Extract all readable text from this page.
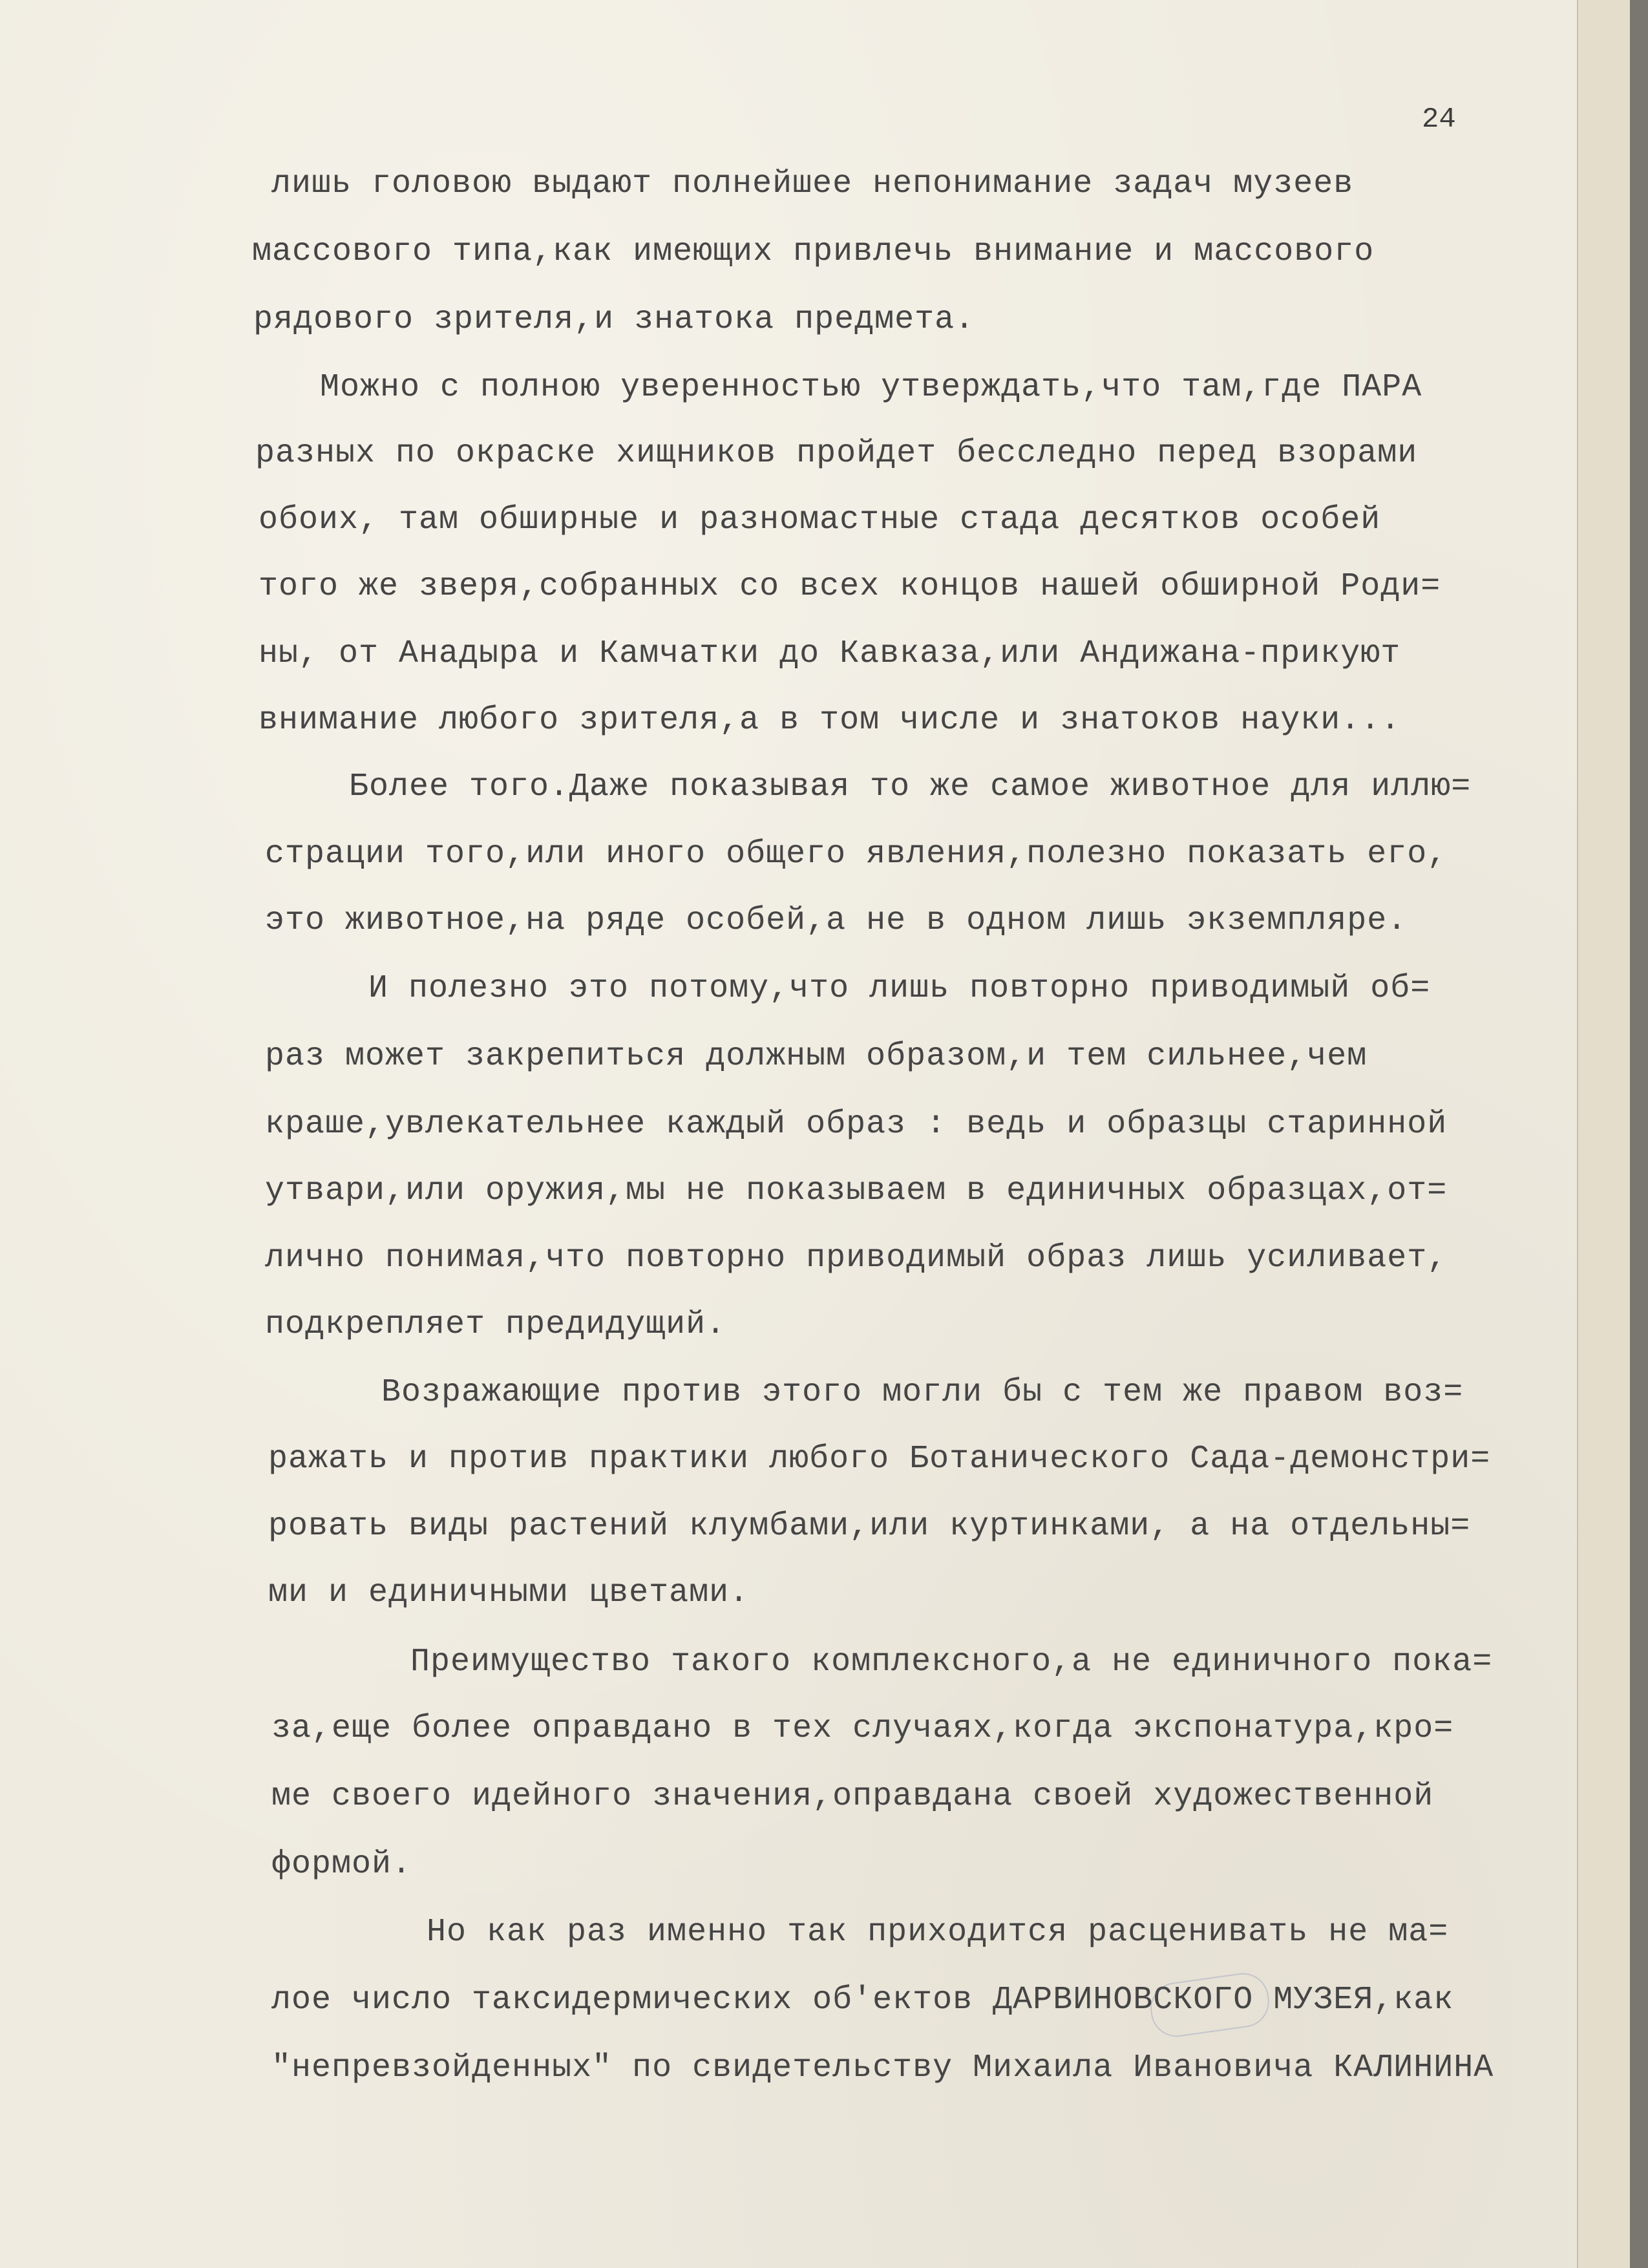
24
лишь головою выдают полнейшее непонимание задач музеев
массового типа,как имеющих привлечь внимание и массового
рядового зрителя,и знатока предмета.
Можно с полною уверенностью утверждать,что там,где ПАРА
разных по окраске хищников пройдет бесследно перед взорами
обоих, там обширные и разномастные стада десятков особей
того же зверя,собранных со всех концов нашей обширной Роди=
ны, от Анадыра и Камчатки до Кавказа,или Андижана-прикуют
внимание любого зрителя,а в том числе и знатоков науки...
Более того.Даже показывая то же самое животное для иллю=
страции того,или иного общего явления,полезно показать его,
это животное,на ряде особей,а не в одном лишь экземпляре.
И полезно это потому,что лишь повторно приводимый об=
раз может закрепиться должным образом,и тем сильнее,чем
краше,увлекательнее каждый образ : ведь и образцы старинной
утвари,или оружия,мы не показываем в единичных образцах,от=
лично понимая,что повторно приводимый образ лишь усиливает,
подкрепляет предидущий.
Возражающие против этого могли бы с тем же правом воз=
ражать и против практики любого Ботанического Сада-демонстри=
ровать виды растений клумбами,или куртинками, а на отдельны=
ми и единичными цветами.
Преимущество такого комплексного,а не единичного пока=
за,еще более оправдано в тех случаях,когда экспонатура,кро=
ме своего идейного значения,оправдана своей художественной
формой.
Но как раз именно так приходится расценивать не ма=
лое число таксидермических об'ектов ДАРВИНОВСКОГО МУЗЕЯ,как
"непревзойденных" по свидетельству Михаила Ивановича КАЛИНИНА
